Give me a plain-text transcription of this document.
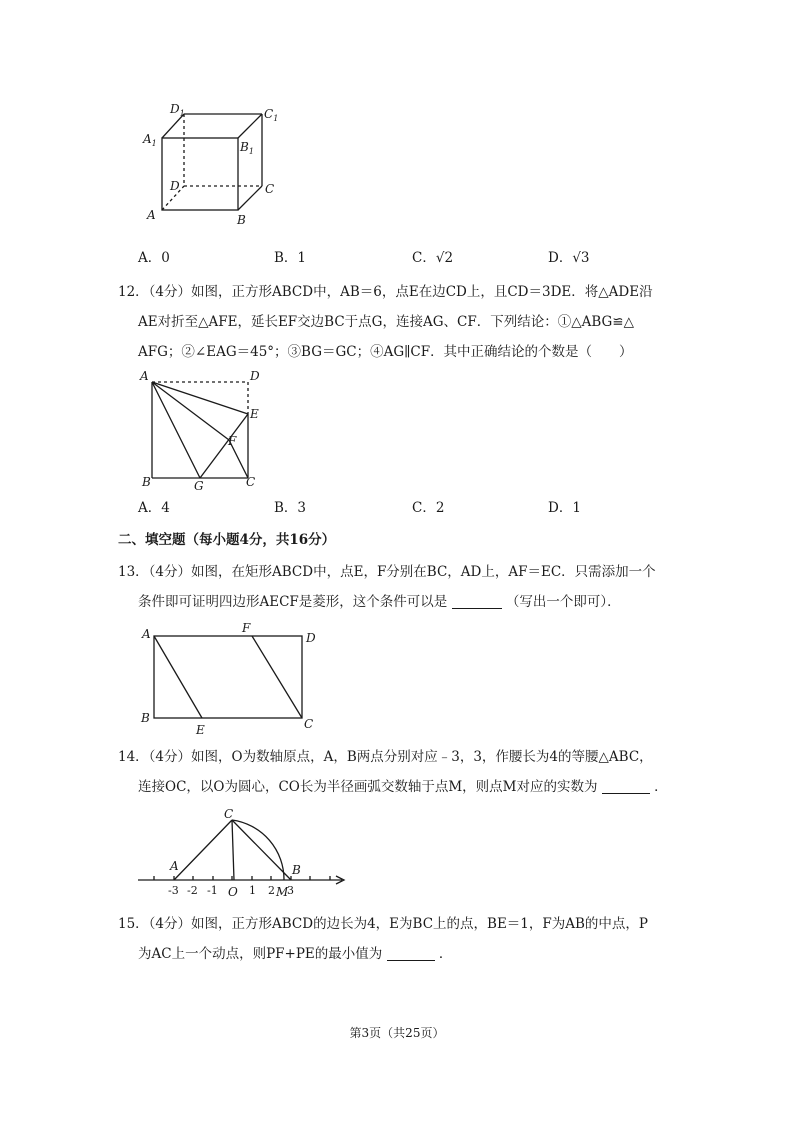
$D_1$	$C_1$
$A_1$	$B_1$
D	C
A	B
A．0	B．1	C．√2	D．√3
12．（4分）如图，正方形ABCD中，AB＝6，点E在边CD上，且CD＝3DE．将△ADE沿
AE对折至△AFE，延长EF交边BC于点G，连接AG、CF．下列结论：①△ABG≌△
AFG；②∠EAG＝45°；③BG＝GC；④AG∥CF．其中正确结论的个数是（　　）
A	D
E
F
B	G	C
A．4	B．3	C．2	D．1
二、填空题（每小题4分，共16分）
13．（4分）如图，在矩形ABCD中，点E，F分别在BC，AD上，AF＝EC．只需添加一个
条件即可证明四边形AECF是菱形，这个条件可以是	（写出一个即可）．
A	F
D
B
E	C
14．（4分）如图，O为数轴原点，A，B两点分别对应﹣3，3，作腰长为4的等腰△ABC，
连接OC，以O为圆心，CO长为半径画弧交数轴于点M，则点M对应的实数为	．
C
A	B
-3 -2 -1 O 1 2 M
3
15．（4分）如图，正方形ABCD的边长为4，E为BC上的点，BE＝1，F为AB的中点，P
为AC上一个动点，则PF+PE的最小值为	．
第3页（共25页）
